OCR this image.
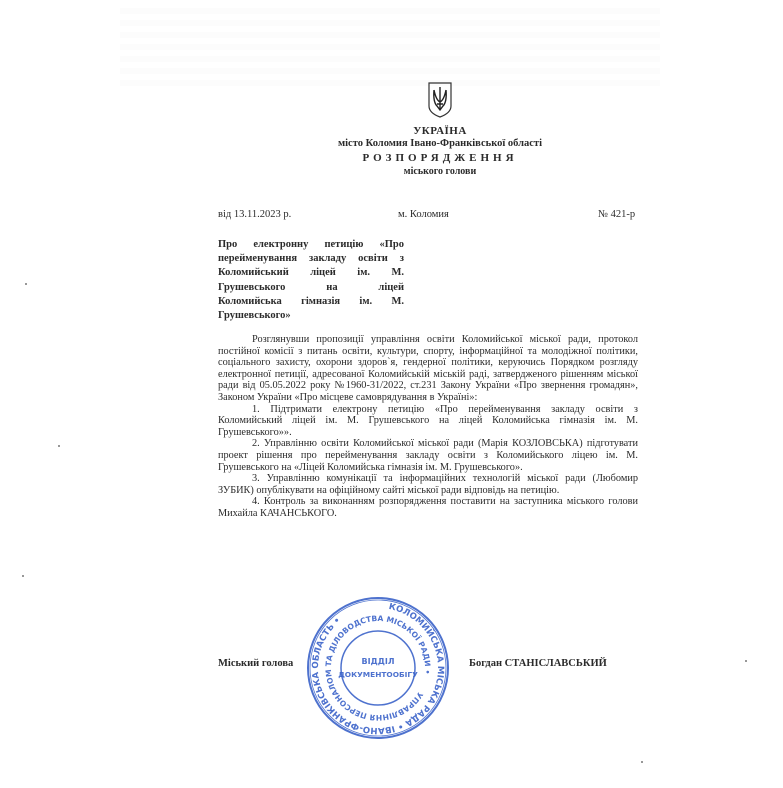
УКРАЇНА
місто Коломия Івано-Франківської області
РОЗПОРЯДЖЕННЯ
міського голови
від 13.11.2023 р.	м. Коломия	№ 421-р
Про електронну петицію «Про
перейменування закладу освіти з
Коломийський ліцей ім. М.
Грушевського на ліцей
Коломийська гімназія ім. М.
Грушевського»

Розглянувши пропозиції управління освіти Коломийської міської ради, протокол постійної комісії з питань освіти, культури, спорту, інформаційної та молодіжної політики, соціального захисту, охорони здоров`я, гендерної політики, керуючись Порядком розгляду електронної петиції, адресованої Коломийській міській раді, затвердженого рішенням міської ради від 05.05.2022 року №1960-31/2022, ст.231 Закону України «Про звернення громадян», Законом України «Про місцеве самоврядування в Україні»:

1. Підтримати електрону петицію «Про перейменування закладу освіти з Коломийський ліцей ім. М. Грушевського на ліцей Коломийська гімназія ім. М. Грушевського»».

2. Управлінню освіти Коломийської міської ради (Марія КОЗЛОВСЬКА) підготувати проект рішення про перейменування закладу освіти з Коломийського ліцею ім. М. Грушевського на «Ліцей Коломийська гімназія ім. М. Грушевського».

3. Управлінню комунікації та інформаційних технологій міської ради (Любомир ЗУБИК) опублікувати на офіційному сайті міської ради відповідь на петицію.

4. Контроль за виконанням розпорядження поставити на заступника міського голови Михайла КАЧАНСЬКОГО.

Міський голова	Богдан СТАНІСЛАВСЬКИЙ
КОЛОМИЙСЬКА МІСЬКА РАДА • ІВАНО-ФРАНКІВСЬКА ОБЛАСТЬ •
УПРАВЛІННЯ ПЕРСОНАЛОМ ТА ДІЛОВОДСТВА МІСЬКОЇ РАДИ •
ВІДДІЛ
ДОКУМЕНТООБІГУ
